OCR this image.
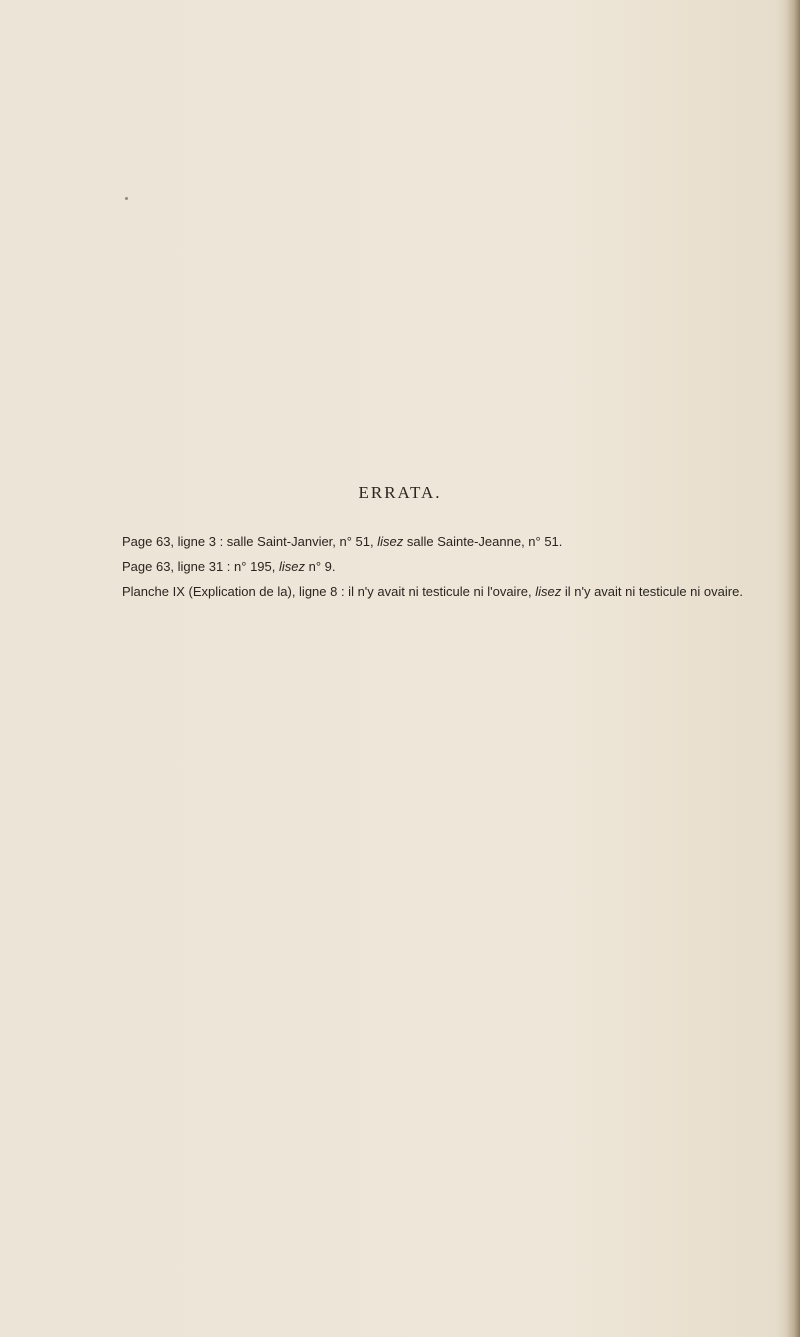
ERRATA.

Page 63, ligne 3 : salle Saint-Janvier, n° 51, lisez salle Sainte-Jeanne, n° 51.

Page 63, ligne 31 : n° 195, lisez n° 9.

Planche IX (Explication de la), ligne 8 : il n'y avait ni testicule ni l'ovaire, lisez il n'y avait ni testicule ni ovaire.
